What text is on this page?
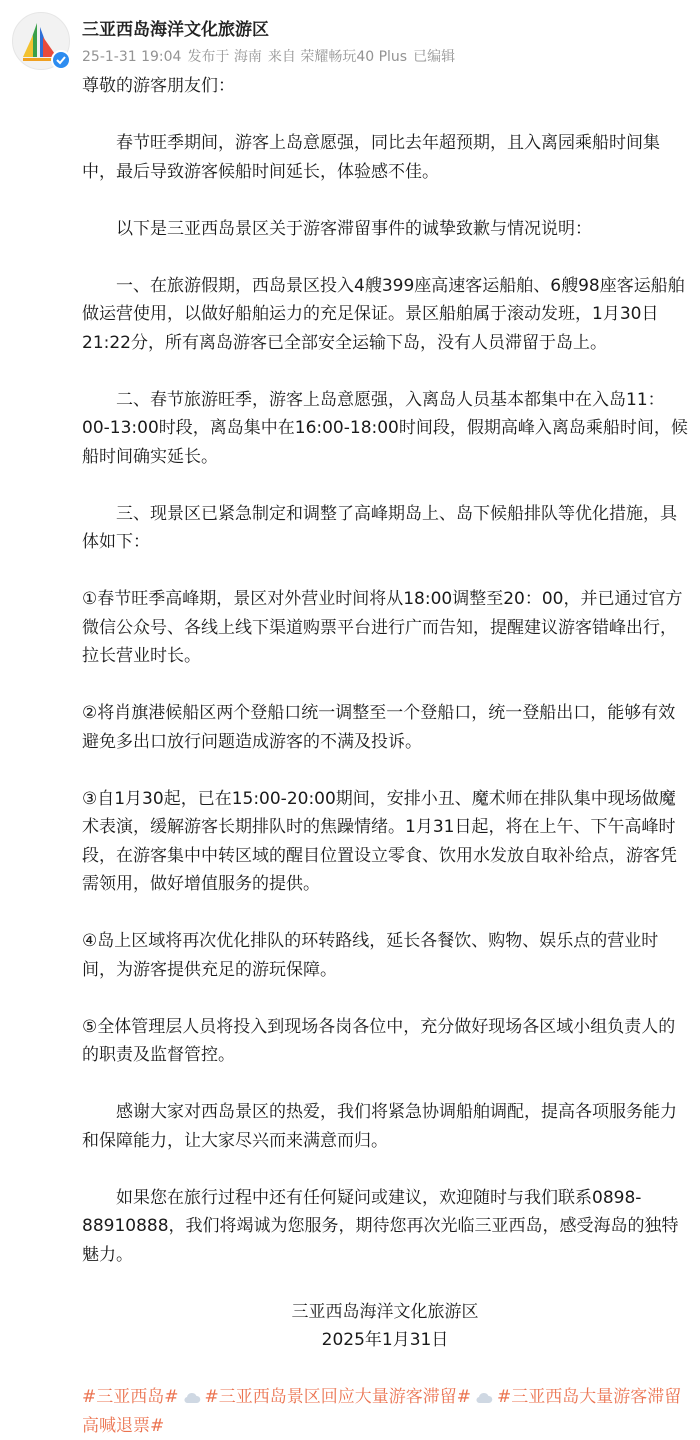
三亚西岛海洋文化旅游区
25-1-31 19:04 发布于 海南 来自 荣耀畅玩40 Plus 已编辑

尊敬的游客朋友们：

春节旺季期间，游客上岛意愿强，同比去年超预期，且入离园乘船时间集中，最后导致游客候船时间延长，体验感不佳。

以下是三亚西岛景区关于游客滞留事件的诚挚致歉与情况说明：

一、在旅游假期，西岛景区投入4艘399座高速客运船舶、6艘98座客运船舶做运营使用，以做好船舶运力的充足保证。景区船舶属于滚动发班，1月30日21:22分，所有离岛游客已全部安全运输下岛，没有人员滞留于岛上。

二、春节旅游旺季，游客上岛意愿强，入离岛人员基本都集中在入岛11：00-13:00时段，离岛集中在16:00-18:00时间段，假期高峰入离岛乘船时间，候船时间确实延长。

三、现景区已紧急制定和调整了高峰期岛上、岛下候船排队等优化措施，具体如下：

①春节旺季高峰期，景区对外营业时间将从18:00调整至20：00，并已通过官方微信公众号、各线上线下渠道购票平台进行广而告知，提醒建议游客错峰出行，拉长营业时长。

②将肖旗港候船区两个登船口统一调整至一个登船口，统一登船出口，能够有效避免多出口放行问题造成游客的不满及投诉。

③自1月30起，已在15:00-20:00期间，安排小丑、魔术师在排队集中现场做魔术表演，缓解游客长期排队时的焦躁情绪。1月31日起，将在上午、下午高峰时段，在游客集中中转区域的醒目位置设立零食、饮用水发放自取补给点，游客凭需领用，做好增值服务的提供。

④岛上区域将再次优化排队的环转路线，延长各餐饮、购物、娱乐点的营业时间，为游客提供充足的游玩保障。

⑤全体管理层人员将投入到现场各岗各位中，充分做好现场各区域小组负责人的的职责及监督管控。

感谢大家对西岛景区的热爱，我们将紧急协调船舶调配，提高各项服务能力和保障能力，让大家尽兴而来满意而归。

如果您在旅行过程中还有任何疑问或建议，欢迎随时与我们联系0898-88910888，我们将竭诚为您服务，期待您再次光临三亚西岛，感受海岛的独特魅力。

三亚西岛海洋文化旅游区

2025年1月31日

#三亚西岛# #三亚西岛景区回应大量游客滞留# #三亚西岛大量游客滞留高喊退票#
